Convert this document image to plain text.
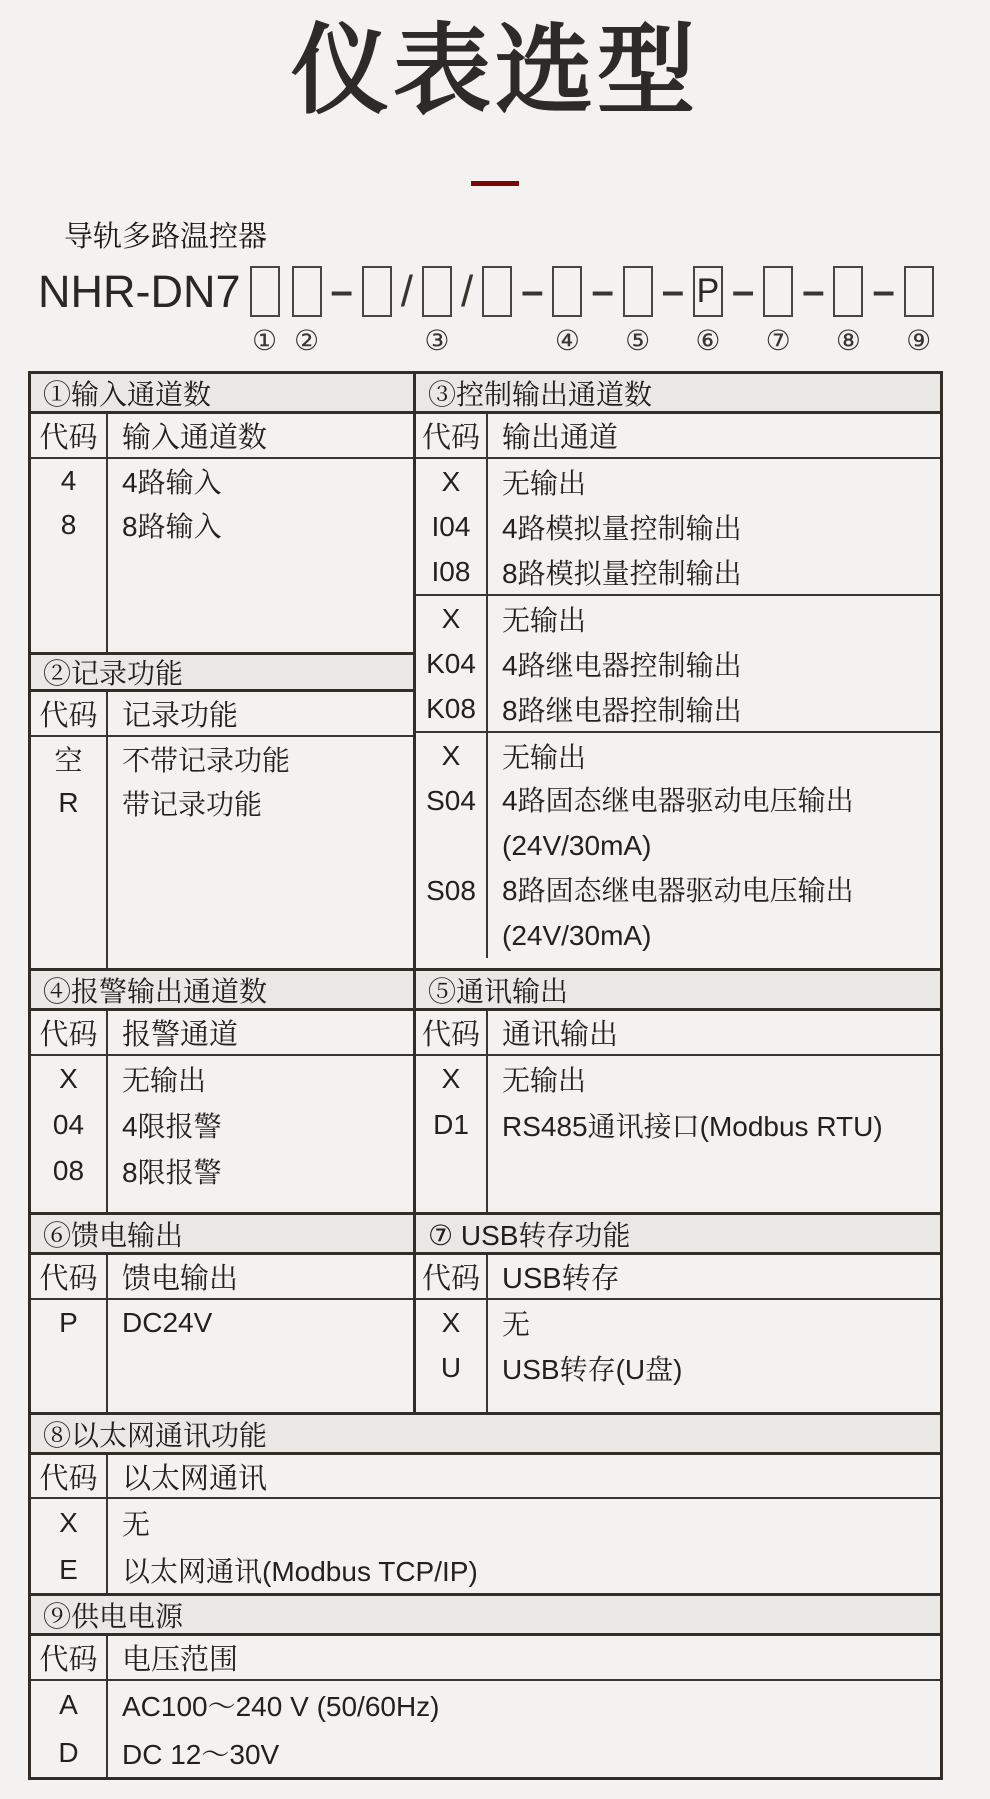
仪表选型
导轨多路温控器
NHR-DN7
① ②
– /
③
/ –
④
–
⑤
– P
⑥
–
⑦
–
⑧
–
⑨
①输入通道数
代码 输入通道数
4	4路输入
8	8路输入
②记录功能
代码 记录功能
空	不带记录功能
R	带记录功能
③控制输出通道数
代码 输出通道
X	无输出
I04	4路模拟量控制输出
I08	8路模拟量控制输出
X	无输出
K04 4路继电器控制输出
K08 8路继电器控制输出
X	无输出
S04 4路固态继电器驱动电压输出
(24V/30mA)
S08 8路固态继电器驱动电压输出
(24V/30mA)
④报警输出通道数
代码 报警通道
X	无输出
04	4限报警
08	8限报警
⑤通讯输出
代码 通讯输出
X	无输出
D1	RS485通讯接口(Modbus RTU)
⑥馈电输出
代码 馈电输出
P	DC24V
⑦ USB转存功能
代码 USB转存
X	无
U	USB转存(U盘)
⑧以太网通讯功能
代码 以太网通讯
X	无
E	以太网通讯(Modbus TCP/IP)
⑨供电电源
代码 电压范围
A	AC100～240 V (50/60Hz)
D	DC 12～30V
